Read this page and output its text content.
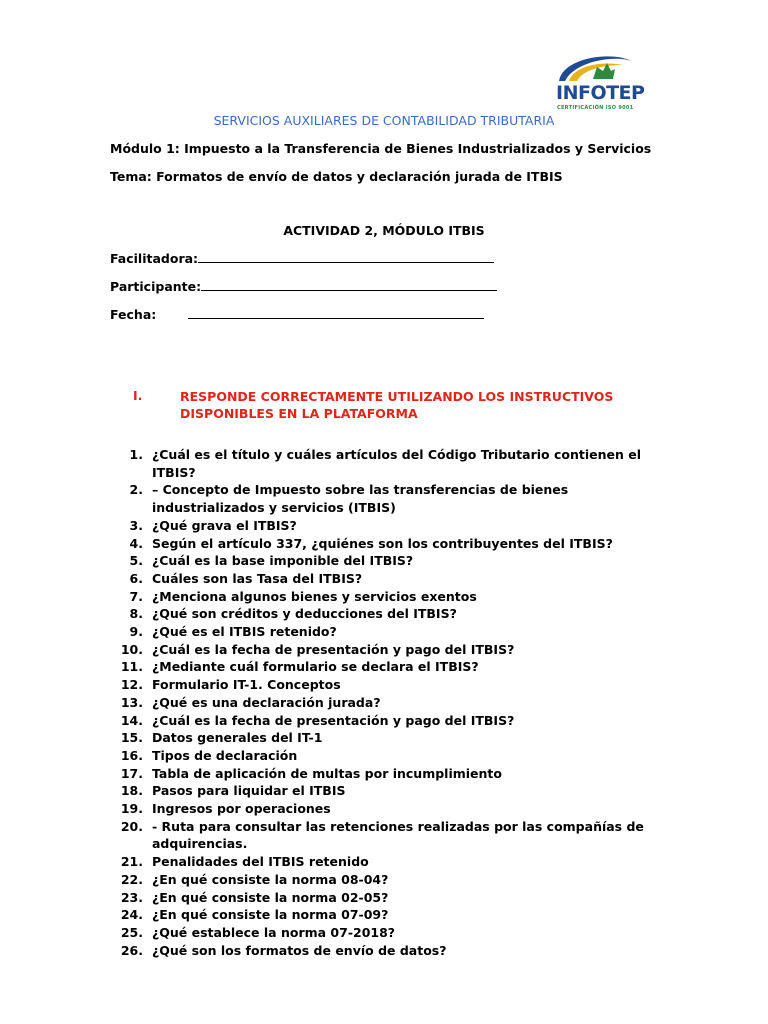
INFOTEP
CERTIFICACIÓN ISO 9001
SERVICIOS AUXILIARES DE CONTABILIDAD TRIBUTARIA
Módulo 1: Impuesto a la Transferencia de Bienes Industrializados y Servicios
Tema: Formatos de envío de datos y declaración jurada de ITBIS
ACTIVIDAD 2, MÓDULO ITBIS
Facilitadora:
Participante:
Fecha:
I.	RESPONDE CORRECTAMENTE UTILIZANDO LOS INSTRUCTIVOS DISPONIBLES EN LA PLATAFORMA
1. ¿Cuál es el título y cuáles artículos del Código Tributario contienen el ITBIS?
2. – Concepto de Impuesto sobre las transferencias de bienes industrializados y servicios (ITBIS)
3. ¿Qué grava el ITBIS?
4. Según el artículo 337, ¿quiénes son los contribuyentes del ITBIS?
5. ¿Cuál es la base imponible del ITBIS?
6. Cuáles son las Tasa del ITBIS?
7. ¿Menciona algunos bienes y servicios exentos
8. ¿Qué son créditos y deducciones del ITBIS?
9. ¿Qué es el ITBIS retenido?
10. ¿Cuál es la fecha de presentación y pago del ITBIS?
11. ¿Mediante cuál formulario se declara el ITBIS?
12. Formulario IT-1. Conceptos
13. ¿Qué es una declaración jurada?
14. ¿Cuál es la fecha de presentación y pago del ITBIS?
15. Datos generales del IT-1
16. Tipos de declaración
17. Tabla de aplicación de multas por incumplimiento
18. Pasos para liquidar el ITBIS
19. Ingresos por operaciones
20. - Ruta para consultar las retenciones realizadas por las compañías de adquirencias.
21. Penalidades del ITBIS retenido
22. ¿En qué consiste la norma 08-04?
23. ¿En qué consiste la norma 02-05?
24. ¿En qué consiste la norma 07-09?
25. ¿Qué establece la norma 07-2018?
26. ¿Qué son los formatos de envío de datos?
